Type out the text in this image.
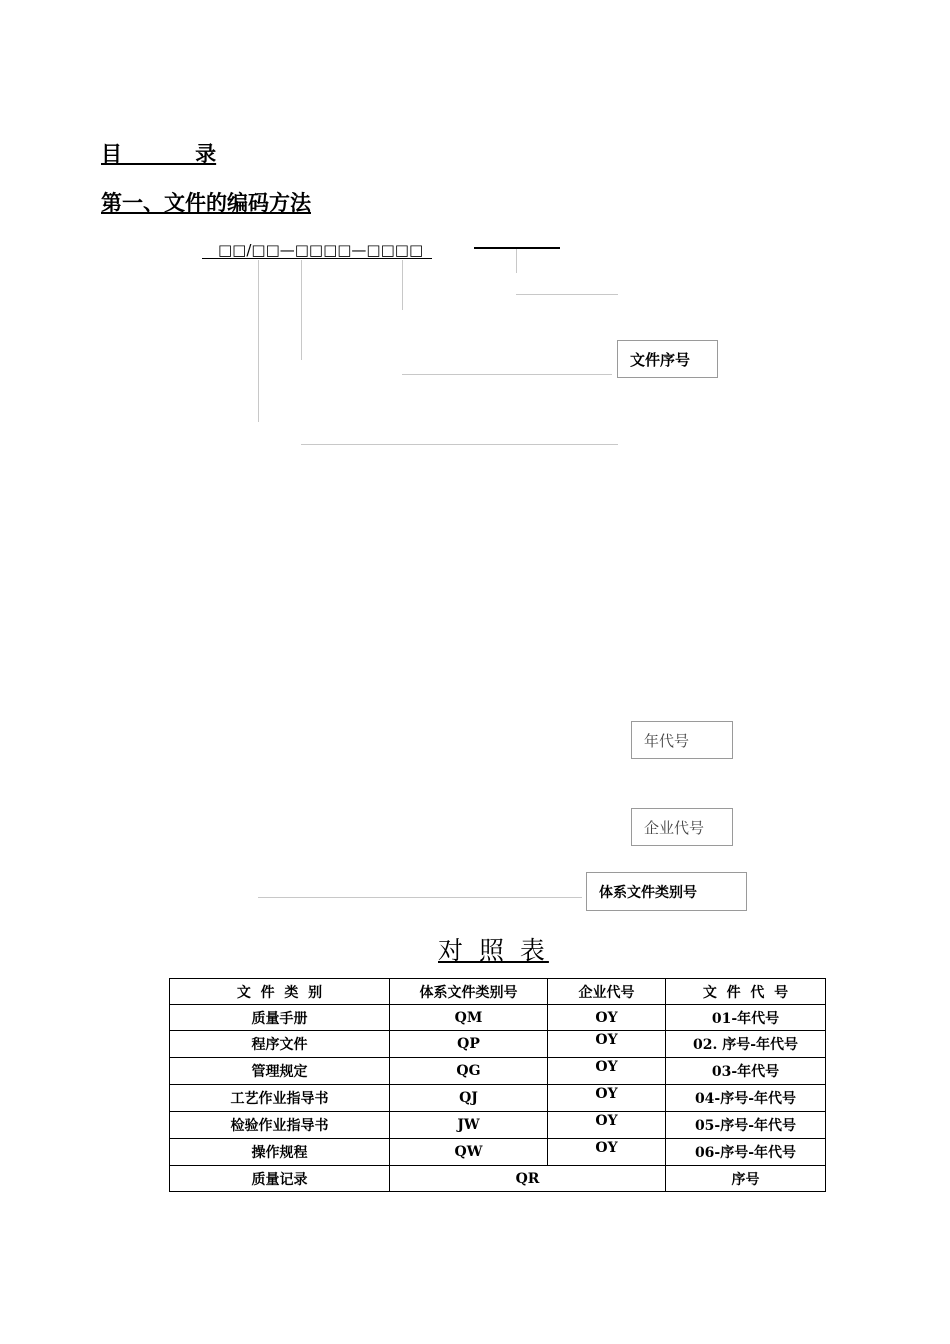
目          录
第一、文件的编码方法
□□/□□—□□□□—□□□□
文件序号
年代号
企业代号
体系文件类别号
对 照 表
文  件  类  别	体系文件类别号	企业代号	文  件  代  号
质量手册	QM	OY	01-年代号
程序文件	QP	OY	02. 序号-年代号
管理规定	QG	OY	03-年代号
工艺作业指导书	QJ	OY	04-序号-年代号
检验作业指导书	JW	OY	05-序号-年代号
操作规程	QW	OY	06-序号-年代号
质量记录	QR		序号
